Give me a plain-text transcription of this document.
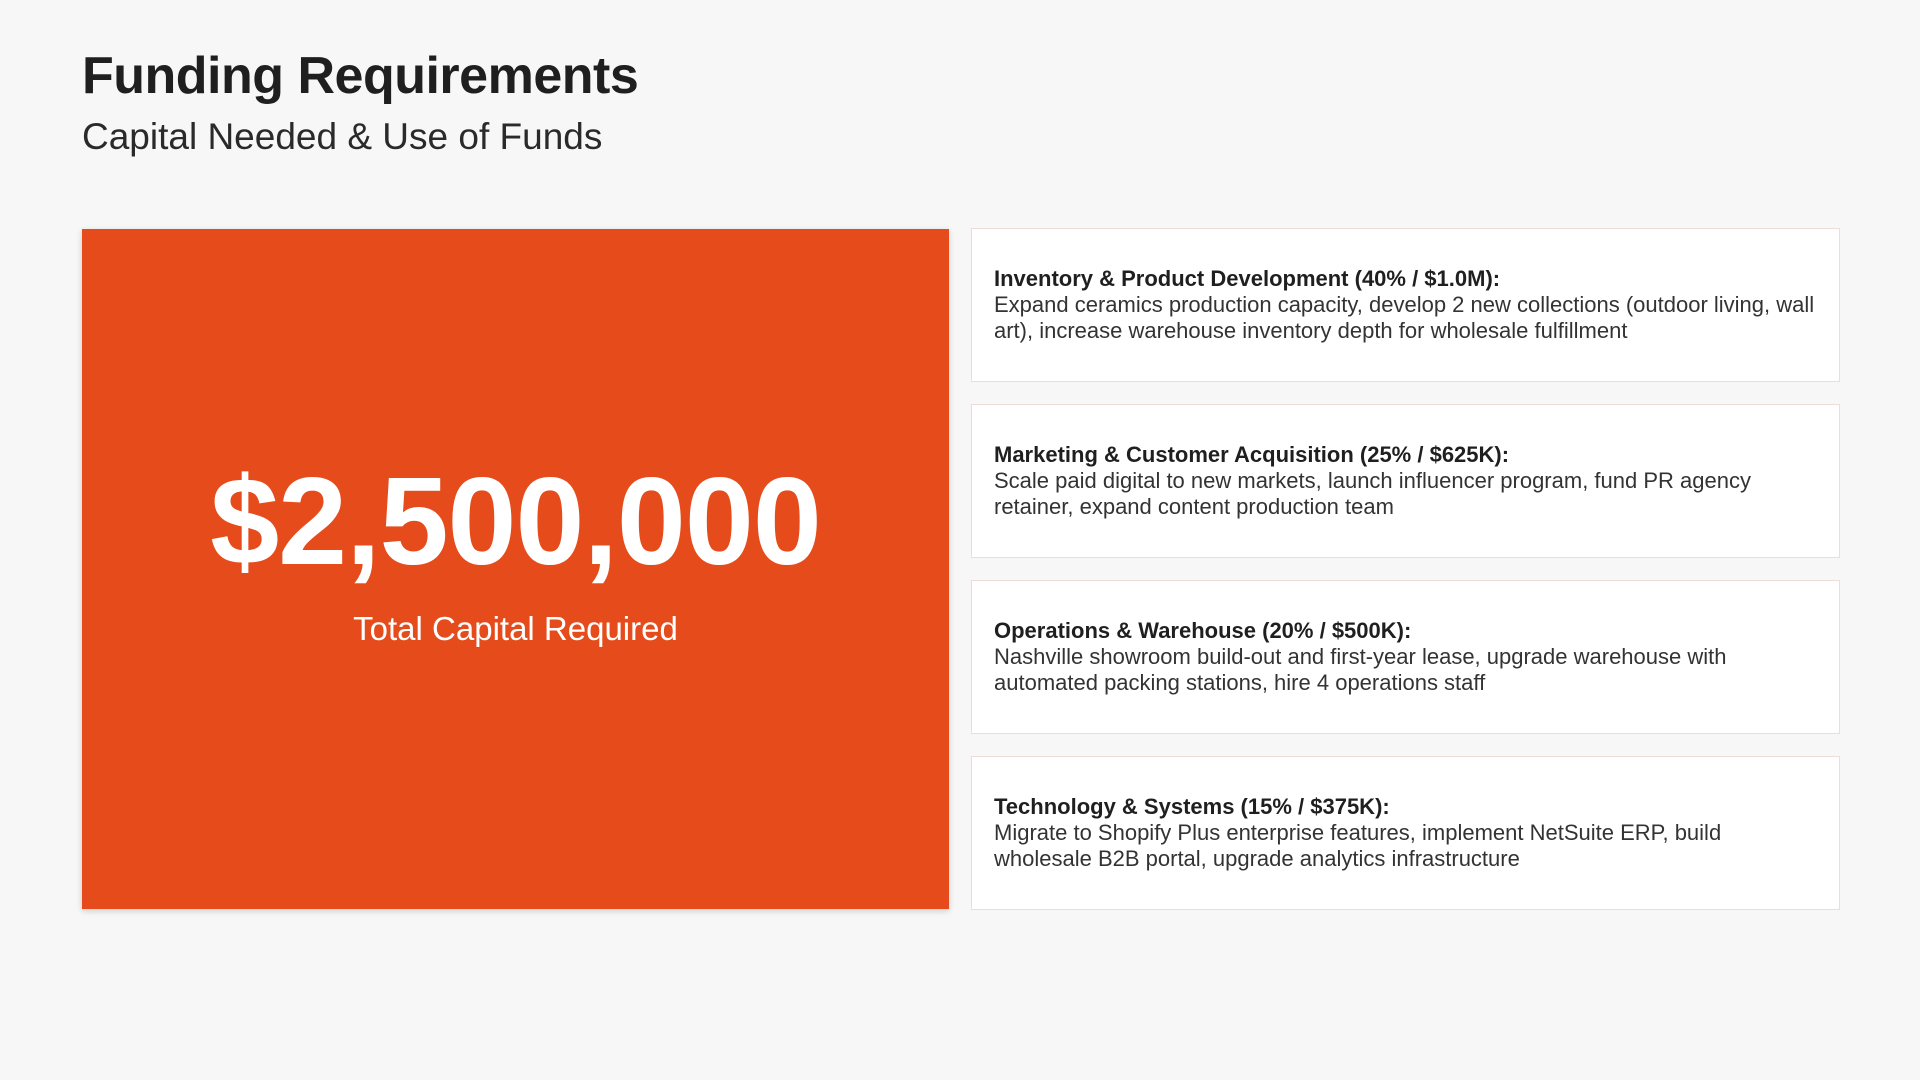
Funding Requirements
Capital Needed & Use of Funds
$2,500,000
Total Capital Required
Inventory & Product Development (40% / $1.0M):
Expand ceramics production capacity, develop 2 new collections (outdoor living, wall art), increase warehouse inventory depth for wholesale fulfillment
Marketing & Customer Acquisition (25% / $625K):
Scale paid digital to new markets, launch influencer program, fund PR agency retainer, expand content production team
Operations & Warehouse (20% / $500K):
Nashville showroom build-out and first-year lease, upgrade warehouse with automated packing stations, hire 4 operations staff
Technology & Systems (15% / $375K):
Migrate to Shopify Plus enterprise features, implement NetSuite ERP, build wholesale B2B portal, upgrade analytics infrastructure
